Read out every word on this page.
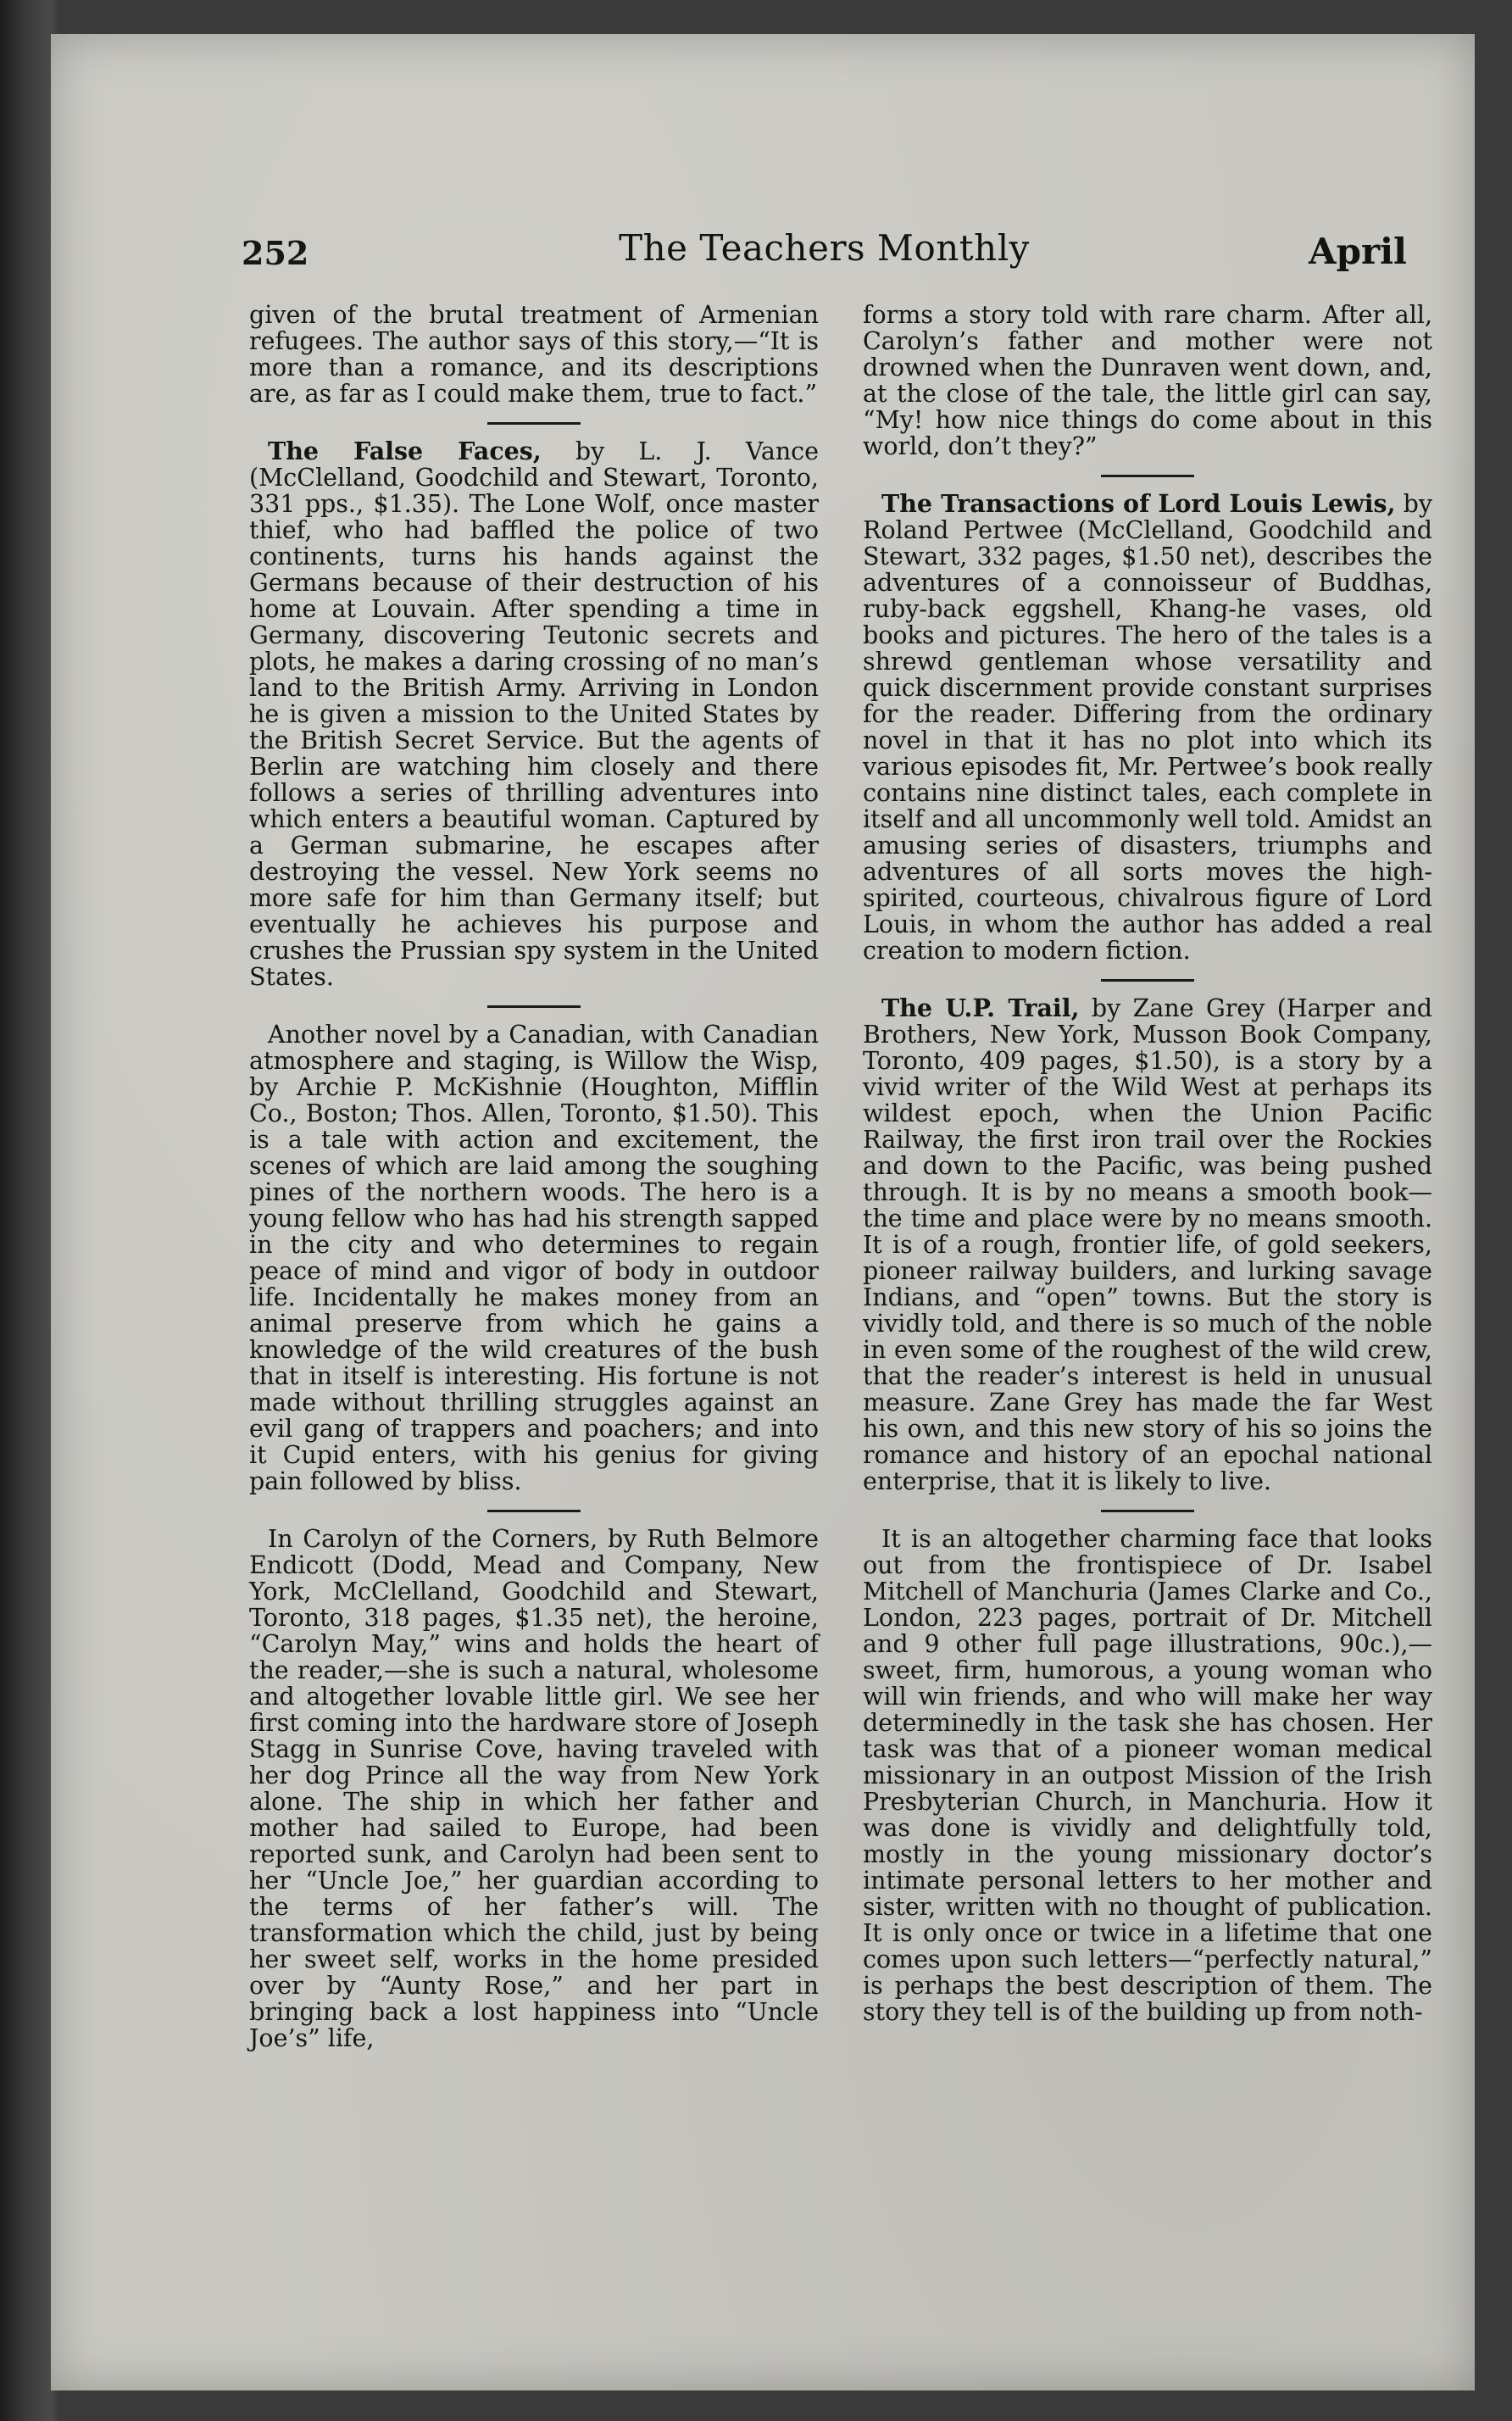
252	The Teachers Monthly	April

given of the brutal treatment of Armenian refugees. The author says of this story,—“It is more than a romance, and its descriptions are, as far as I could make them, true to fact.”

The False Faces, by L. J. Vance (McClelland, Goodchild and Stewart, Toronto, 331 pps., $1.35). The Lone Wolf, once master thief, who had baffled the police of two continents, turns his hands against the Germans because of their destruction of his home at Louvain. After spending a time in Germany, discovering Teutonic secrets and plots, he makes a daring crossing of no man’s land to the British Army. Arriving in London he is given a mission to the United States by the British Secret Service. But the agents of Berlin are watching him closely and there follows a series of thrilling adventures into which enters a beautiful woman. Captured by a German submarine, he escapes after destroying the vessel. New York seems no more safe for him than Germany itself; but eventually he achieves his purpose and crushes the Prussian spy system in the United States.

Another novel by a Canadian, with Canadian atmosphere and staging, is Willow the Wisp, by Archie P. McKishnie (Houghton, Mifflin Co., Boston; Thos. Allen, Toronto, $1.50). This is a tale with action and excitement, the scenes of which are laid among the soughing pines of the northern woods. The hero is a young fellow who has had his strength sapped in the city and who determines to regain peace of mind and vigor of body in outdoor life. Incidentally he makes money from an animal preserve from which he gains a knowledge of the wild creatures of the bush that in itself is interesting. His fortune is not made without thrilling struggles against an evil gang of trappers and poachers; and into it Cupid enters, with his genius for giving pain followed by bliss.

In Carolyn of the Corners, by Ruth Belmore Endicott (Dodd, Mead and Company, New York, McClelland, Goodchild and Stewart, Toronto, 318 pages, $1.35 net), the heroine, “Carolyn May,” wins and holds the heart of the reader,—she is such a natural, wholesome and altogether lovable little girl. We see her first coming into the hardware store of Joseph Stagg in Sunrise Cove, having traveled with her dog Prince all the way from New York alone. The ship in which her father and mother had sailed to Europe, had been reported sunk, and Carolyn had been sent to her “Uncle Joe,” her guardian according to the terms of her father’s will. The transformation which the child, just by being her sweet self, works in the home presided over by “Aunty Rose,” and her part in bringing back a lost happiness into “Uncle Joe’s” life,

forms a story told with rare charm. After all, Carolyn’s father and mother were not drowned when the Dunraven went down, and, at the close of the tale, the little girl can say, “My! how nice things do come about in this world, don’t they?”

The Transactions of Lord Louis Lewis, by Roland Pertwee (McClelland, Goodchild and Stewart, 332 pages, $1.50 net), describes the adventures of a connoisseur of Buddhas, ruby-back eggshell, Khang-he vases, old books and pictures. The hero of the tales is a shrewd gentleman whose versatility and quick discernment provide constant surprises for the reader. Differing from the ordinary novel in that it has no plot into which its various episodes fit, Mr. Pertwee’s book really contains nine distinct tales, each complete in itself and all uncommonly well told. Amidst an amusing series of disasters, triumphs and adventures of all sorts moves the high-spirited, courteous, chivalrous figure of Lord Louis, in whom the author has added a real creation to modern fiction.

The U.P. Trail, by Zane Grey (Harper and Brothers, New York, Musson Book Company, Toronto, 409 pages, $1.50), is a story by a vivid writer of the Wild West at perhaps its wildest epoch, when the Union Pacific Railway, the first iron trail over the Rockies and down to the Pacific, was being pushed through. It is by no means a smooth book—the time and place were by no means smooth. It is of a rough, frontier life, of gold seekers, pioneer railway builders, and lurking savage Indians, and “open” towns. But the story is vividly told, and there is so much of the noble in even some of the roughest of the wild crew, that the reader’s interest is held in unusual measure. Zane Grey has made the far West his own, and this new story of his so joins the romance and history of an epochal national enterprise, that it is likely to live.

It is an altogether charming face that looks out from the frontispiece of Dr. Isabel Mitchell of Manchuria (James Clarke and Co., London, 223 pages, portrait of Dr. Mitchell and 9 other full page illustrations, 90c.),—sweet, firm, humorous, a young woman who will win friends, and who will make her way determinedly in the task she has chosen. Her task was that of a pioneer woman medical missionary in an outpost Mission of the Irish Presbyterian Church, in Manchuria. How it was done is vividly and delightfully told, mostly in the young missionary doctor’s intimate personal letters to her mother and sister, written with no thought of publication. It is only once or twice in a lifetime that one comes upon such letters—“perfectly natural,” is perhaps the best description of them. The story they tell is of the building up from noth-
